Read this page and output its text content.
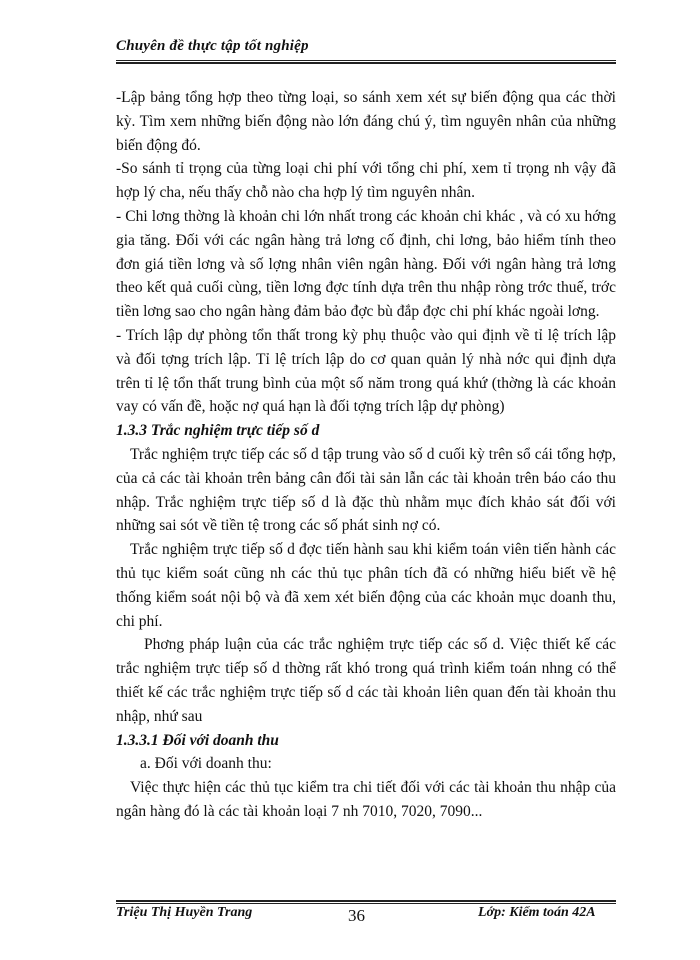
Chuyên đề thực tập tốt nghiệp

-Lập bảng tổng hợp theo từng loại, so sánh xem xét sự biến động qua các thời kỳ. Tìm xem những biến động nào lớn đáng chú ý, tìm nguyên nhân của những biến động đó.

-So sánh tỉ trọng của từng loại chi phí với tổng chi phí, xem tỉ trọng nh vậy đã hợp lý cha, nếu thấy chỗ nào cha hợp lý tìm nguyên nhân.

- Chi lơng thờng là khoản chi lớn nhất trong các khoản chi khác , và có xu hớng gia tăng. Đối với các ngân hàng trả lơng cố định, chi lơng, bảo hiểm tính theo đơn giá tiền lơng và số lợng nhân viên ngân hàng. Đối với ngân hàng trả lơng theo kết quả cuối cùng, tiền lơng đợc tính dựa trên thu nhập ròng trớc thuế, trớc tiền lơng sao cho ngân hàng đảm bảo đợc bù đắp đợc chi phí khác ngoài lơng.

- Trích lập dự phòng tổn thất trong kỳ phụ thuộc vào qui định về tỉ lệ trích lập và đối tợng trích lập. Tỉ lệ trích lập do cơ quan quản lý nhà nớc qui định dựa trên tỉ lệ tổn thất trung bình của một số năm trong quá khứ (thờng là các khoản vay có vấn đề, hoặc nợ quá hạn là đối tợng trích lập dự phòng)

1.3.3 Trắc nghiệm trực tiếp số d

Trắc nghiệm trực tiếp các số d tập trung vào số d cuối kỳ trên sổ cái tổng hợp, của cả các tài khoản trên bảng cân đối tài sản lẫn các tài khoản trên báo cáo thu nhập. Trắc nghiệm trực tiếp số d là đặc thù nhằm mục đích khảo sát đối với những sai sót về tiền tệ trong các số phát sinh nợ có.

Trắc nghiệm trực tiếp số d đợc tiến hành sau khi kiểm toán viên tiến hành các thủ tục kiểm soát cũng nh các thủ tục phân tích đã có những hiểu biết về hệ thống kiểm soát nội bộ và đã xem xét biến động của các khoản mục doanh thu, chi phí.

Phơng pháp luận của các trắc nghiệm trực tiếp các số d. Việc thiết kế các trắc nghiệm trực tiếp số d thờng rất khó trong quá trình kiểm toán nhng có thể thiết kế các trắc nghiệm trực tiếp số d các tài khoản liên quan đến tài khoản thu nhập, nhứ sau

1.3.3.1 Đối với doanh thu

a. Đối với doanh thu:

Việc thực hiện các thủ tục kiểm tra chi tiết đối với các tài khoản thu nhập của ngân hàng đó là các tài khoản loại 7 nh 7010, 7020, 7090...

Triệu Thị Huyền Trang	36	Lớp: Kiểm toán 42A
